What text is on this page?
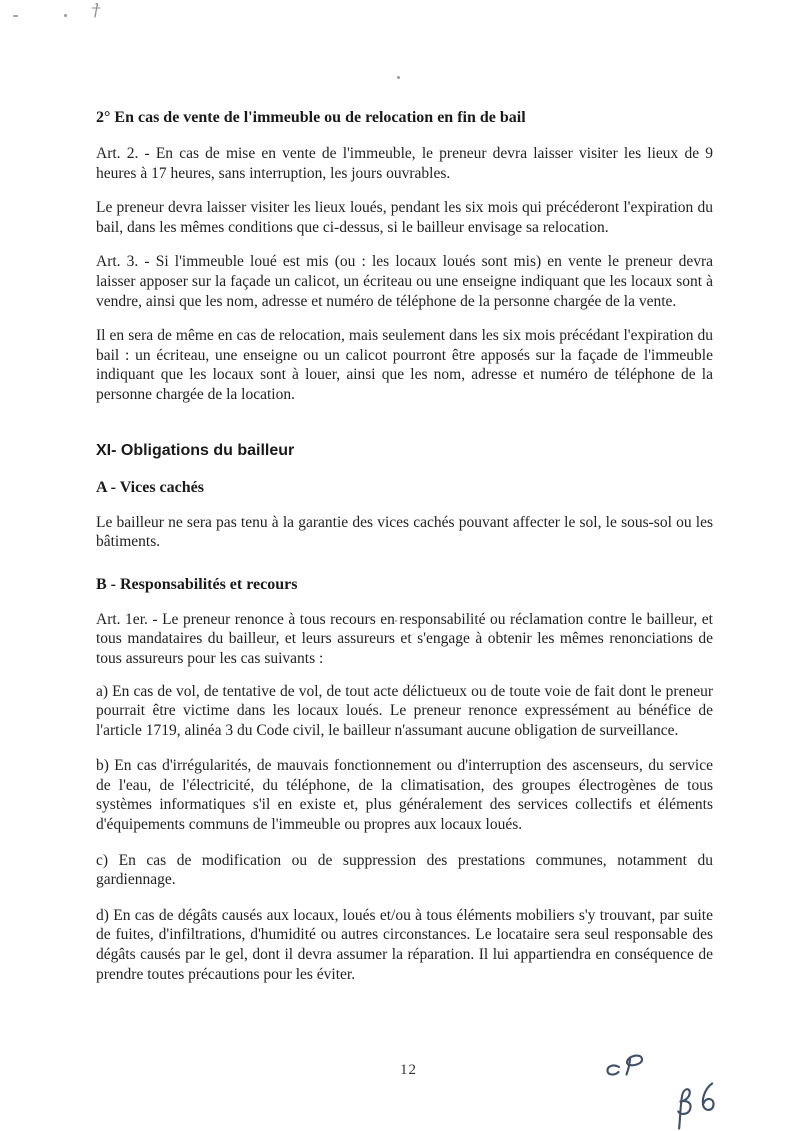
2° En cas de vente de l'immeuble ou de relocation en fin de bail

Art. 2. - En cas de mise en vente de l'immeuble, le preneur devra laisser visiter les lieux de 9 heures à 17 heures, sans interruption, les jours ouvrables.

Le preneur devra laisser visiter les lieux loués, pendant les six mois qui précéderont l'expiration du bail, dans les mêmes conditions que ci-dessus, si le bailleur envisage sa relocation.

Art. 3. - Si l'immeuble loué est mis (ou : les locaux loués sont mis) en vente le preneur devra laisser apposer sur la façade un calicot, un écriteau ou une enseigne indiquant que les locaux sont à vendre, ainsi que les nom, adresse et numéro de téléphone de la personne chargée de la vente.

Il en sera de même en cas de relocation, mais seulement dans les six mois précédant l'expiration du bail : un écriteau, une enseigne ou un calicot pourront être apposés sur la façade de l'immeuble indiquant que les locaux sont à louer, ainsi que les nom, adresse et numéro de téléphone de la personne chargée de la location.

XI- Obligations du bailleur
A - Vices cachés

Le bailleur ne sera pas tenu à la garantie des vices cachés pouvant affecter le sol, le sous-sol ou les bâtiments.

B - Responsabilités et recours

Art. 1er. - Le preneur renonce à tous recours en responsabilité ou réclamation contre le bailleur, et tous mandataires du bailleur, et leurs assureurs et s'engage à obtenir les mêmes renonciations de tous assureurs pour les cas suivants :

a) En cas de vol, de tentative de vol, de tout acte délictueux ou de toute voie de fait dont le preneur pourrait être victime dans les locaux loués. Le preneur renonce expressément au bénéfice de l'article 1719, alinéa 3 du Code civil, le bailleur n'assumant aucune obligation de surveillance.

b) En cas d'irrégularités, de mauvais fonctionnement ou d'interruption des ascenseurs, du service de l'eau, de l'électricité, du téléphone, de la climatisation, des groupes électrogènes de tous systèmes informatiques s'il en existe et, plus généralement des services collectifs et éléments d'équipements communs de l'immeuble ou propres aux locaux loués.

c) En cas de modification ou de suppression des prestations communes, notamment du gardiennage.

d) En cas de dégâts causés aux locaux, loués et/ou à tous éléments mobiliers s'y trouvant, par suite de fuites, d'infiltrations, d'humidité ou autres circonstances. Le locataire sera seul responsable des dégâts causés par le gel, dont il devra assumer la réparation. Il lui appartiendra en conséquence de prendre toutes précautions pour les éviter.

12
